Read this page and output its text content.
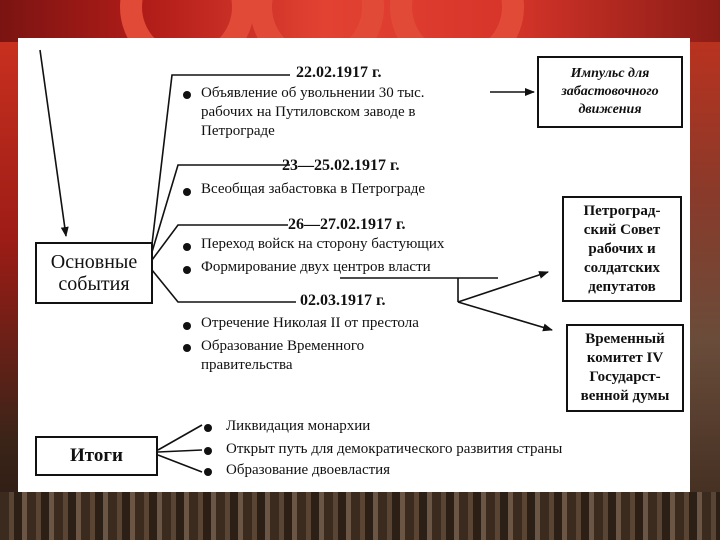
Основные
события
22.02.1917 г.
Объявление об увольнении 30 тыс.
рабочих на Путиловском заводе в
Петрограде
Импульс для
забастовочного
движения
23—25.02.1917 г.
Всеобщая забастовка в Петрограде
26—27.02.1917 г.
Переход войск на сторону бастующих
Формирование двух центров власти
Петроград-
ский Совет
рабочих и
солдатских
депутатов
02.03.1917 г.
Отречение Николая II от престола
Образование Временного
правительства
Временный
комитет IV
Государст-
венной думы
Итоги
Ликвидация монархии
Открыт путь для демократического развития страны
Образование двоевластия
